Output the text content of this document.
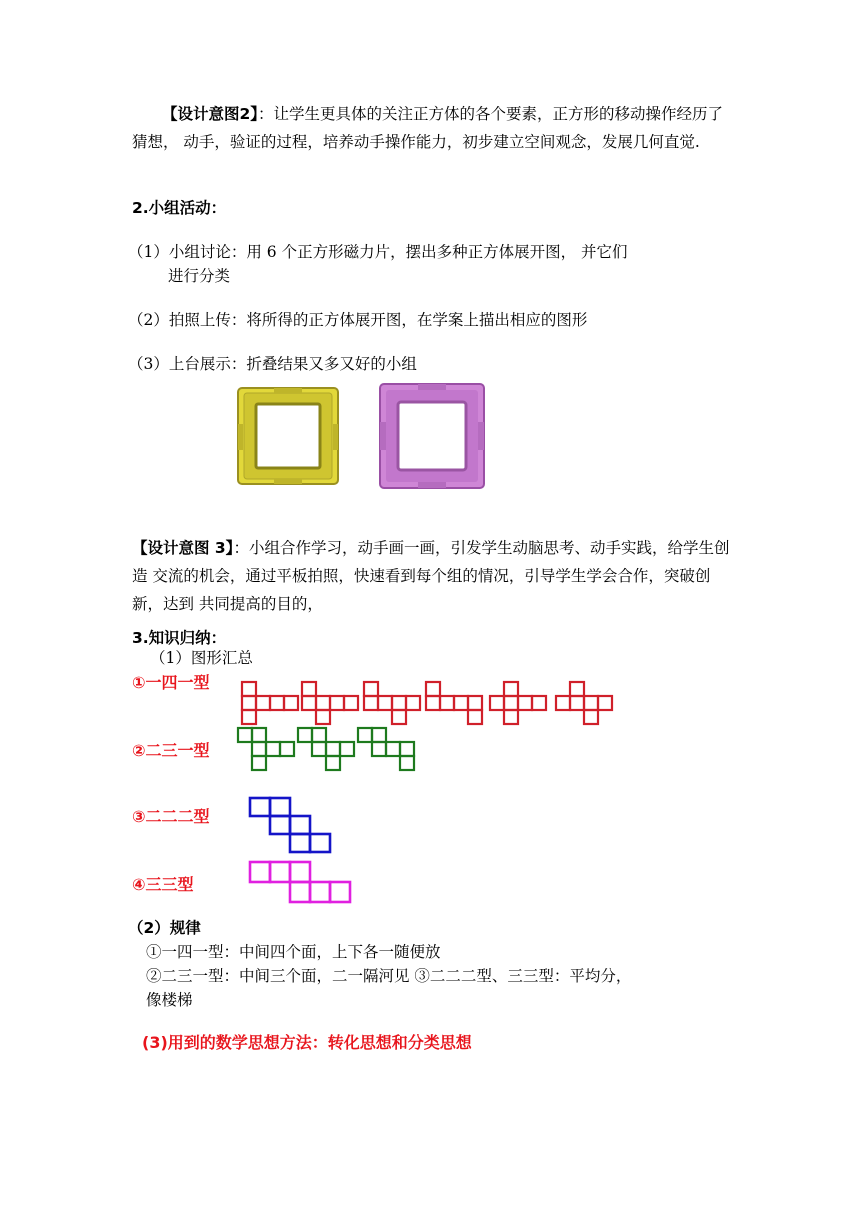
【设计意图2】：让学生更具体的关注正方体的各个要素，正方形的移动操作经历了猜想， 动手，验证的过程，培养动手操作能力，初步建立空间观念，发展几何直觉.
2.小组活动：
（1）小组讨论：用 6 个正方形磁力片，摆出多种正方体展开图， 并它们
进行分类
（2）拍照上传：将所得的正方体展开图，在学案上描出相应的图形
（3）上台展示：折叠结果又多又好的小组
【设计意图 3】：小组合作学习，动手画一画，引发学生动脑思考、动手实践，给学生创造 交流的机会，通过平板拍照，快速看到每个组的情况，引导学生学会合作，突破创新，达到 共同提高的目的，
3.知识归纳：
（1）图形汇总
①一四一型
②二三一型
③二二二型
④三三型
（2）规律
①一四一型：中间四个面，上下各一随便放
②二三一型：中间三个面，二一隔河见 ③二二二型、三三型：平均分，
像楼梯
(3)用到的数学思想方法：转化思想和分类思想
